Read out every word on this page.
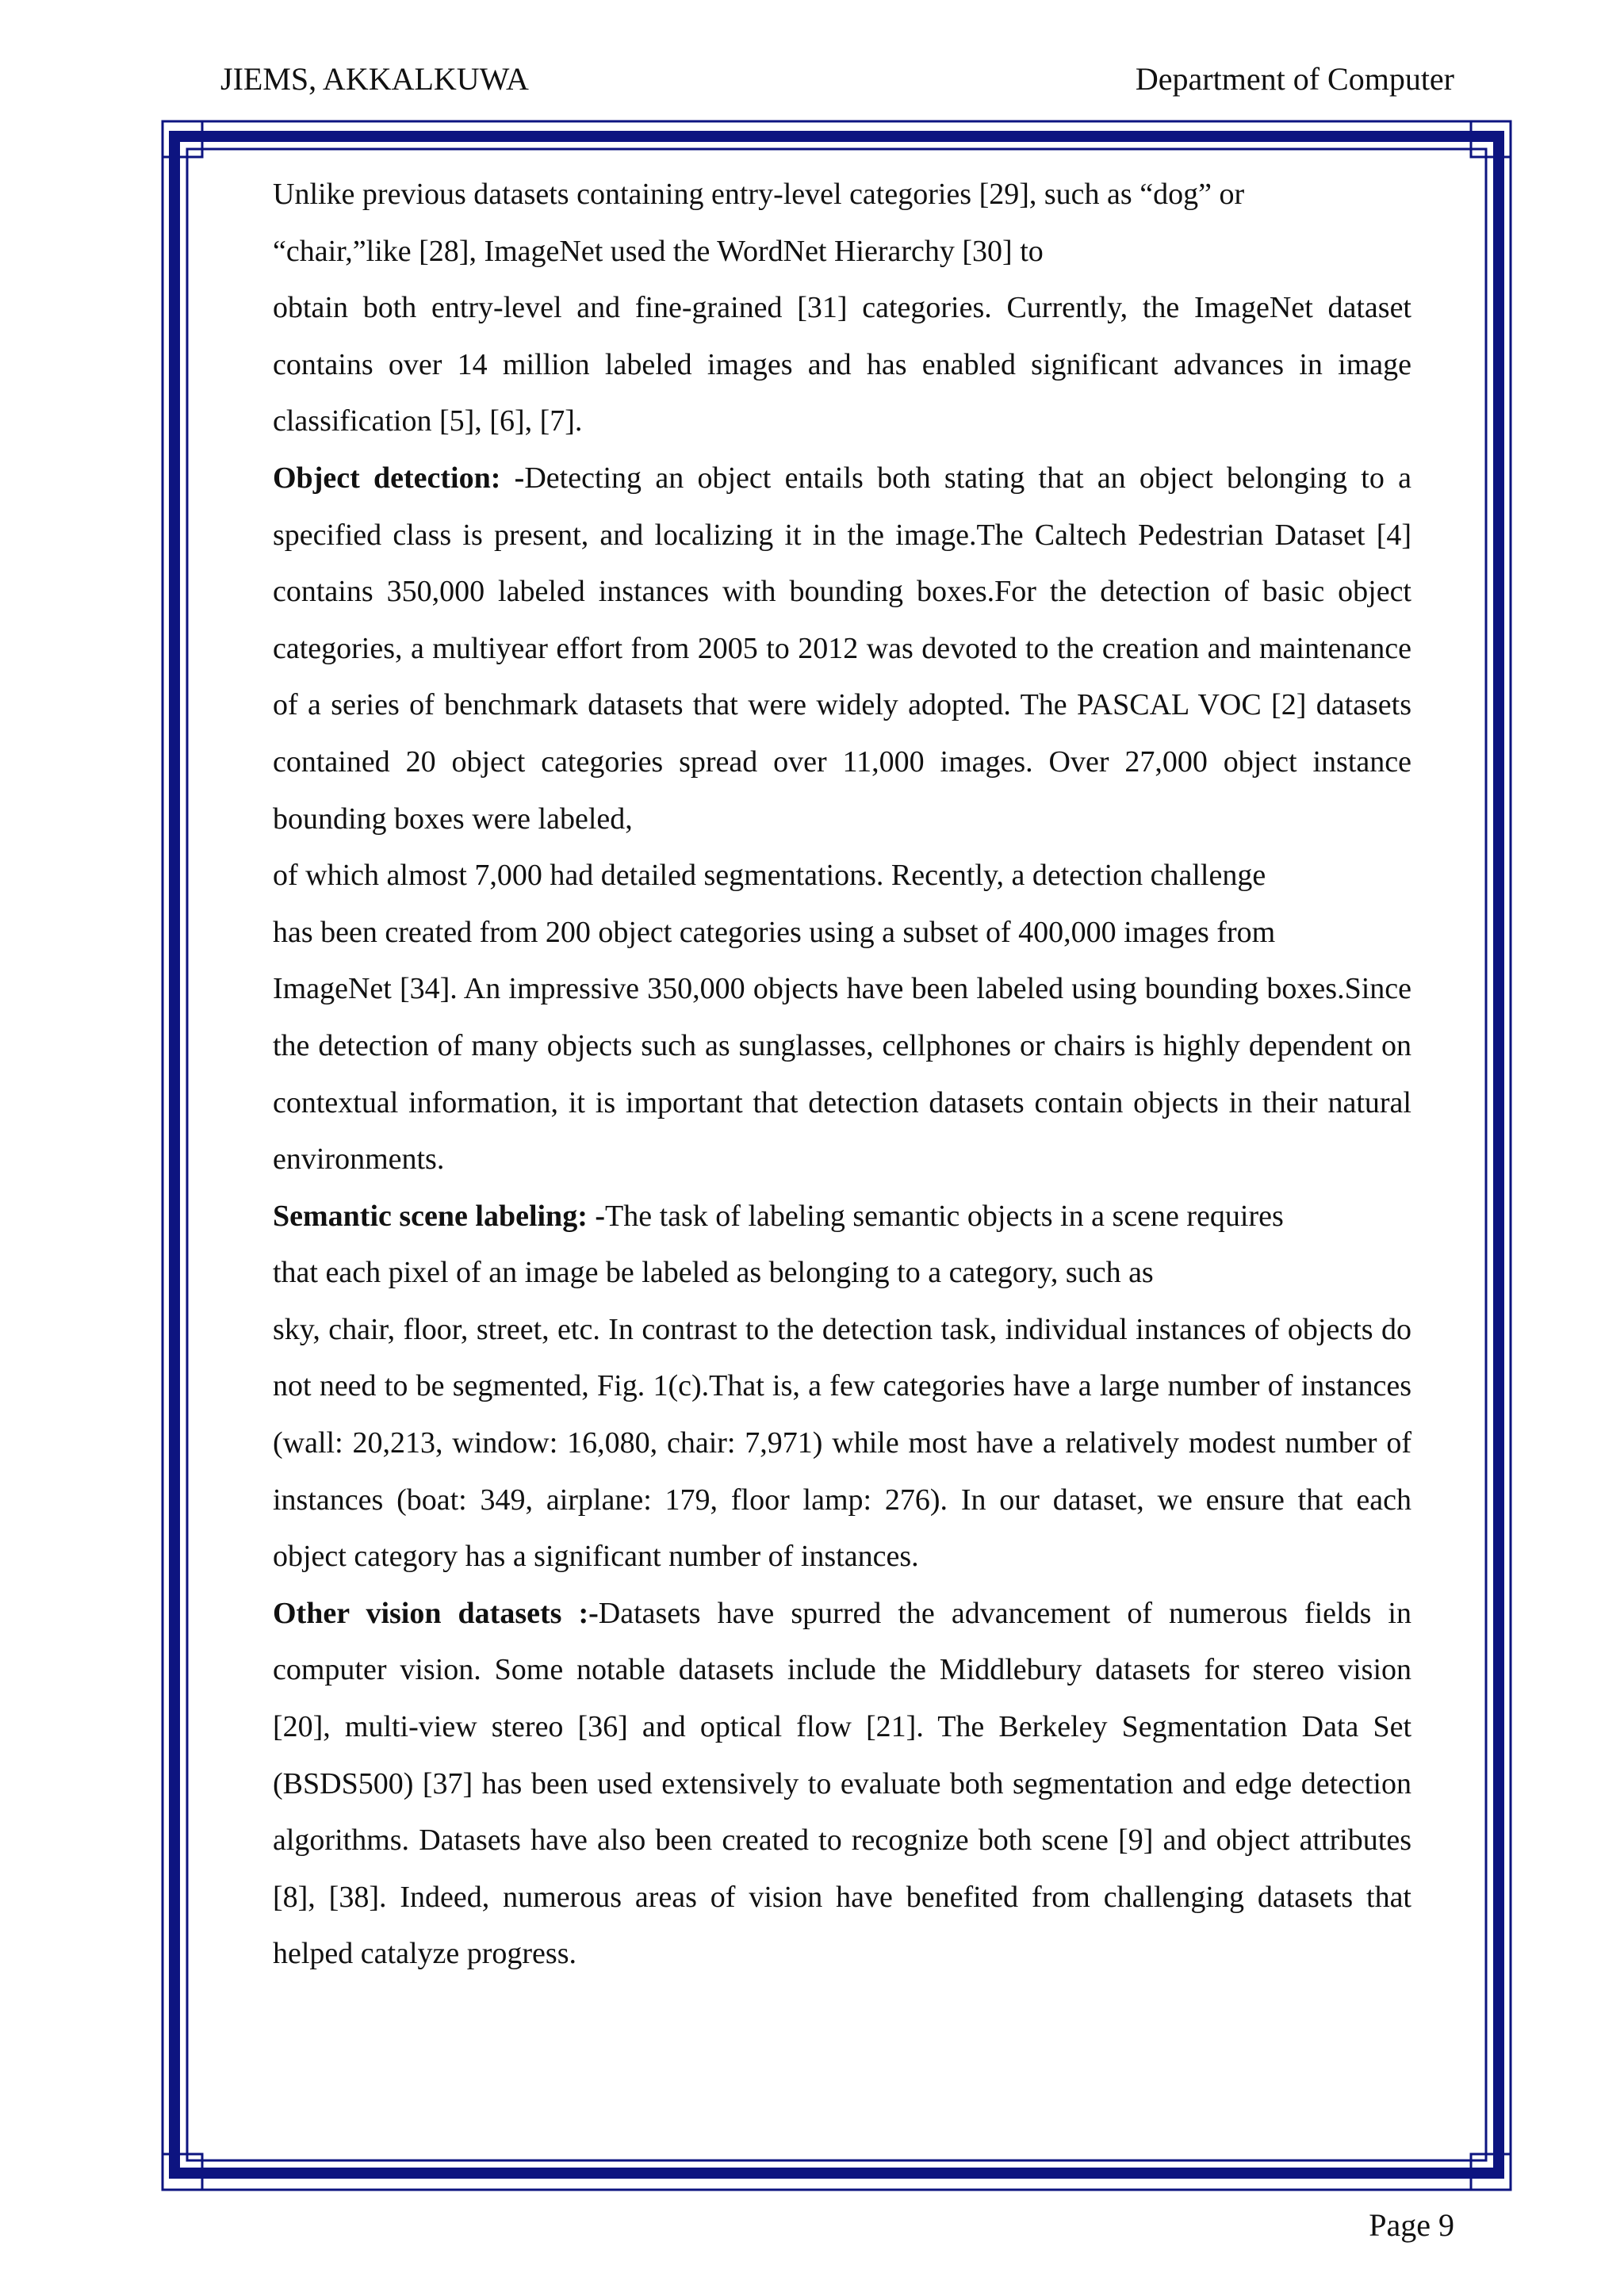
JIEMS, AKKALKUWA	Department of Computer

Unlike previous datasets containing entry-level categories [29], such as “dog” or

“chair,”like [28], ImageNet used the WordNet Hierarchy [30] to

obtain both entry-level and fine-grained [31] categories. Currently, the ImageNet dataset contains over 14 million labeled images and has enabled significant advances in image classification [5], [6], [7].

Object detection: -Detecting an object entails both stating that an object belonging to a specified class is present, and localizing it in the image.The Caltech Pedestrian Dataset [4] contains 350,000 labeled instances with bounding boxes.For the detection of basic object categories, a multiyear effort from 2005 to 2012 was devoted to the creation and maintenance of a series of benchmark datasets that were widely adopted. The PASCAL VOC [2] datasets contained 20 object categories spread over 11,000 images. Over 27,000 object instance bounding boxes were labeled,

of which almost 7,000 had detailed segmentations. Recently, a detection challenge

has been created from 200 object categories using a subset of 400,000 images from

ImageNet [34]. An impressive 350,000 objects have been labeled using bounding boxes.Since the detection of many objects such as sunglasses, cellphones or chairs is highly dependent on contextual information, it is important that detection datasets contain objects in their natural environments.

Semantic scene labeling: -The task of labeling semantic objects in a scene requires

that each pixel of an image be labeled as belonging to a category, such as

sky, chair, floor, street, etc. In contrast to the detection task, individual instances of objects do not need to be segmented, Fig. 1(c).That is, a few categories have a large number of instances (wall: 20,213, window: 16,080, chair: 7,971) while most have a relatively modest number of instances (boat: 349, airplane: 179, floor lamp: 276). In our dataset, we ensure that each object category has a significant number of instances.

Other vision datasets :-Datasets have spurred the advancement of numerous fields in computer vision. Some notable datasets include the Middlebury datasets for stereo vision [20], multi-view stereo [36] and optical flow [21]. The Berkeley Segmentation Data Set (BSDS500) [37] has been used extensively to evaluate both segmentation and edge detection algorithms. Datasets have also been created to recognize both scene [9] and object attributes [8], [38]. Indeed, numerous areas of vision have benefited from challenging datasets that helped catalyze progress.

Page 9
